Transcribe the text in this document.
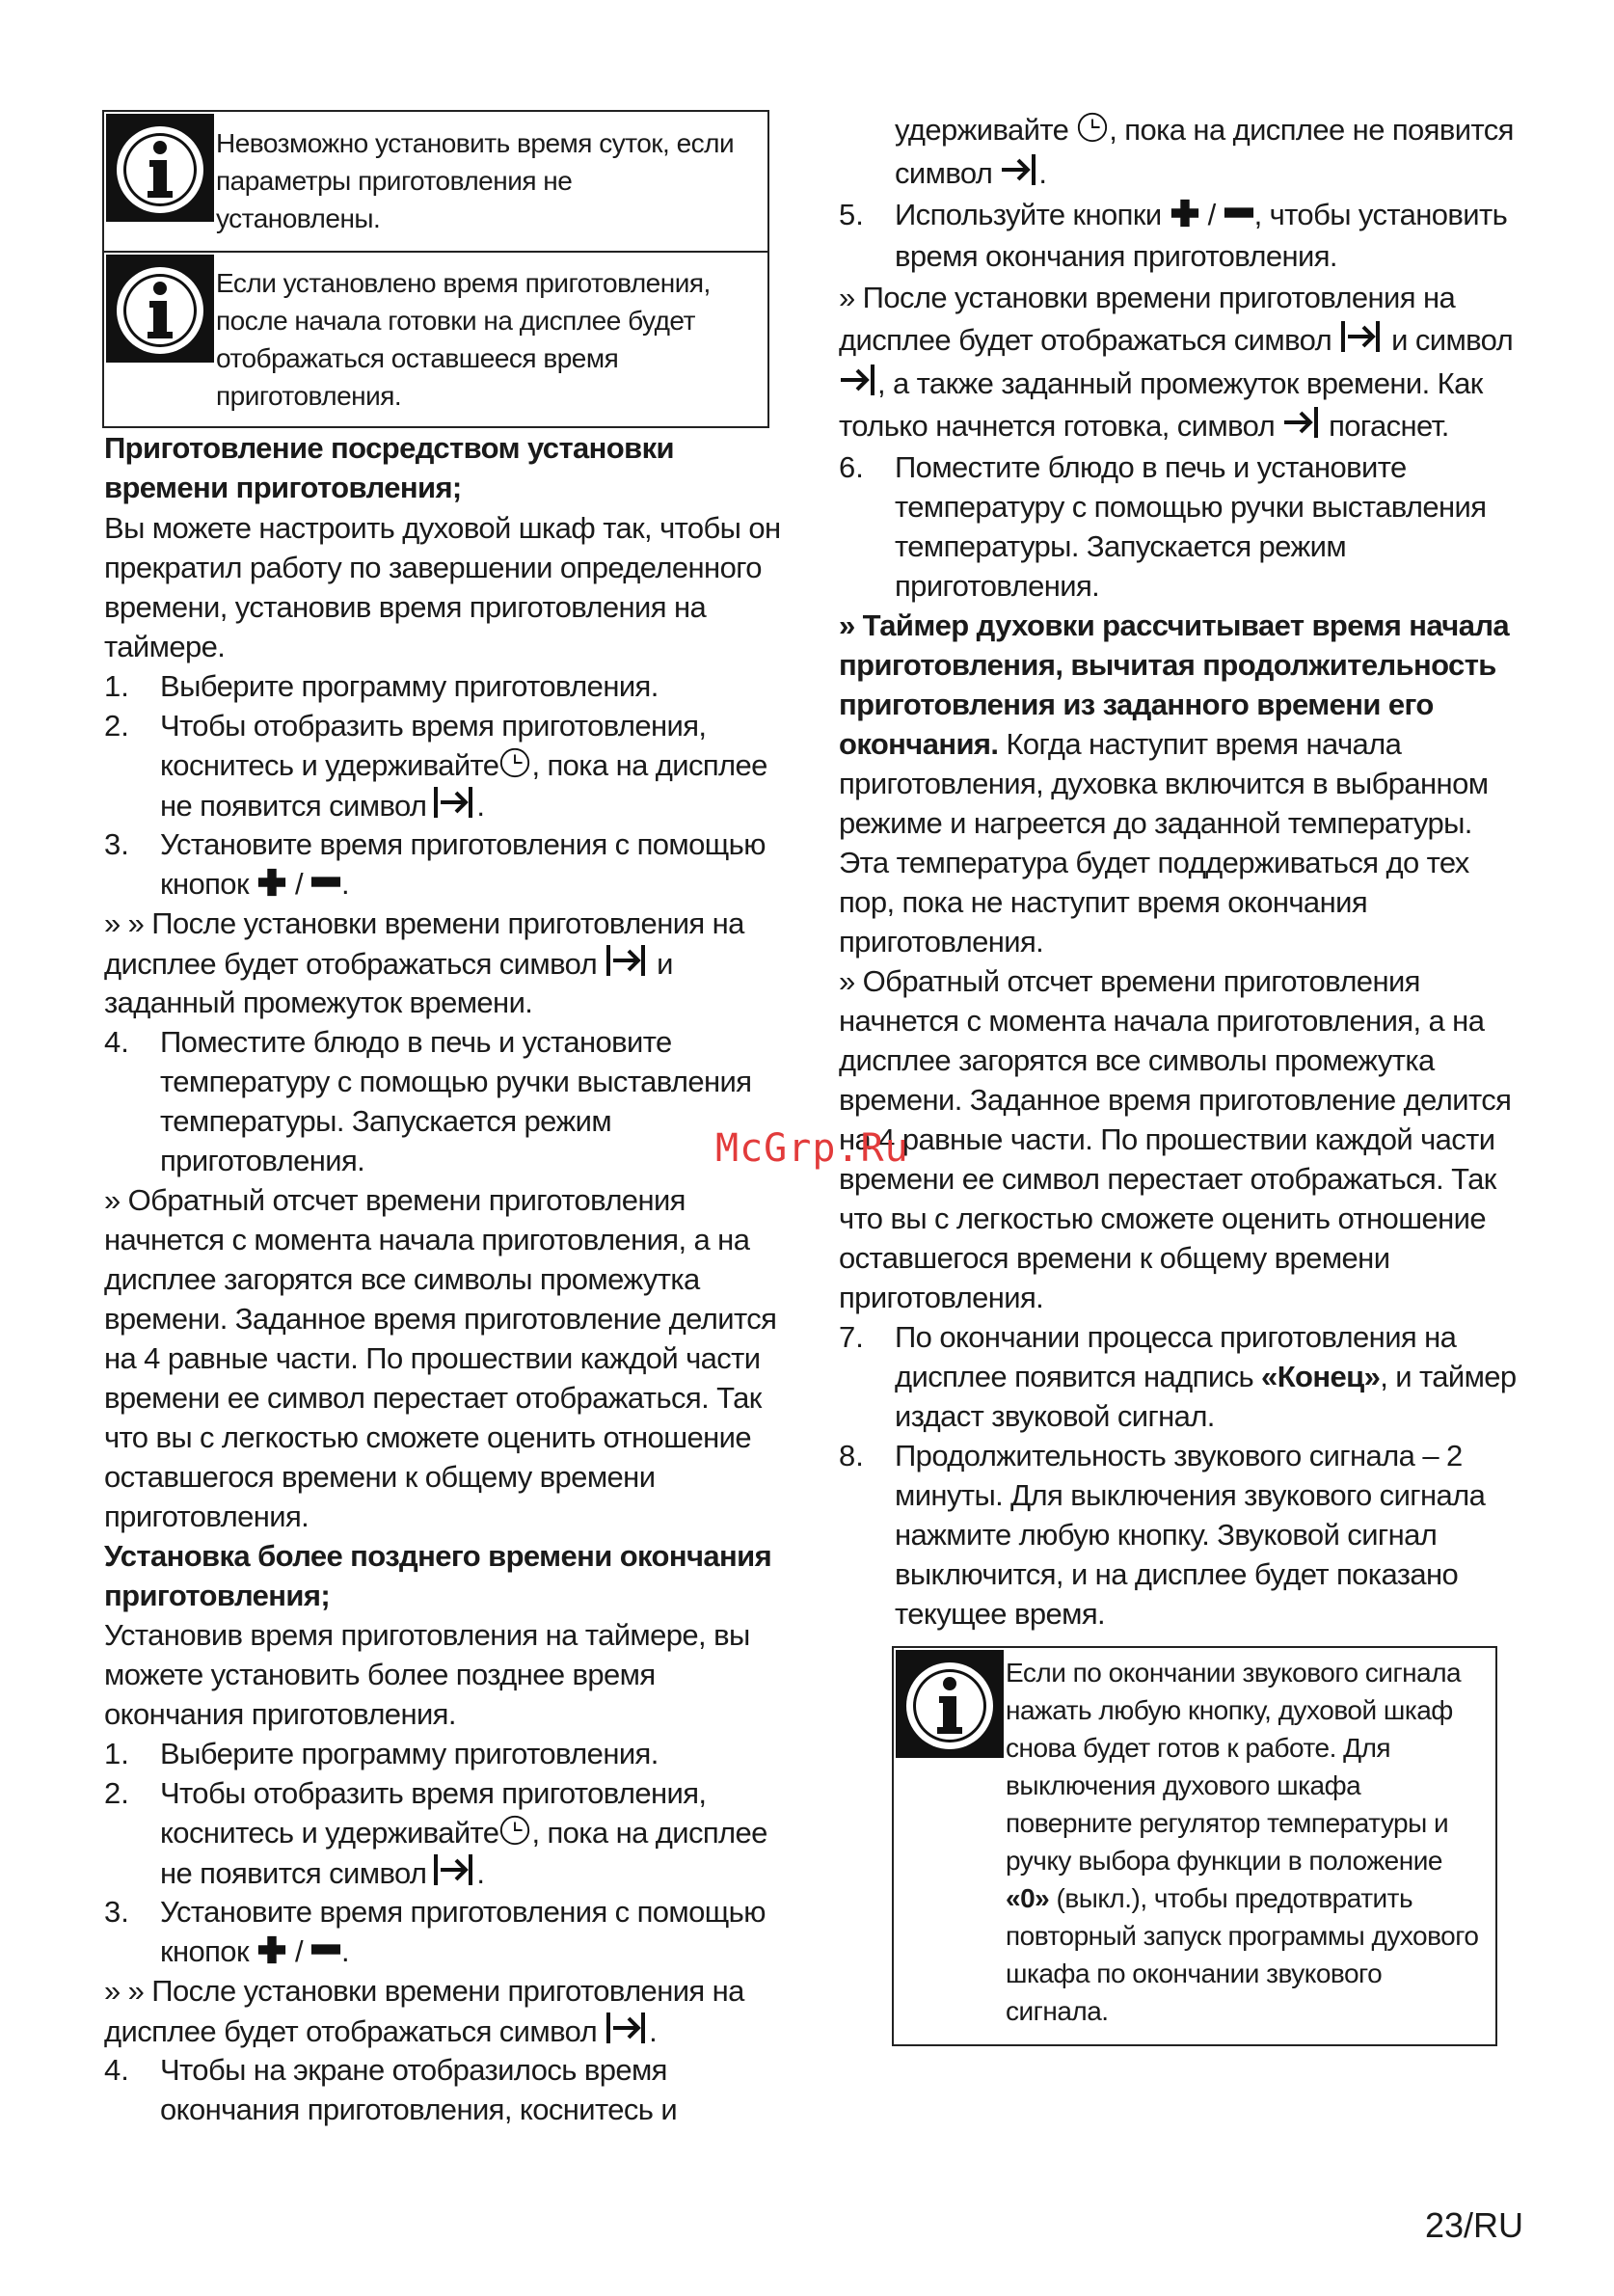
Невозможно установить время суток, если
параметры приготовления не
установлены.
Если установлено время приготовления,
после начала готовки на дисплее будет
отображаться оставшееся время
приготовления.
Приготовление посредством установки
времени приготовления;
Вы можете настроить духовой шкаф так, чтобы он
прекратил работу по завершении определенного
времени, установив время приготовления на
таймере.
1. Выберите программу приготовления.
2. Чтобы отобразить время приготовления,
коснитесь и удерживайте , пока на дисплее
не появится символ .
3. Установите время приготовления с помощью
кнопок / .
» » После установки времени приготовления на
дисплее будет отображаться символ и
заданный промежуток времени.
4. Поместите блюдо в печь и установите
температуру с помощью ручки выставления
температуры. Запускается режим
приготовления.
» Обратный отсчет времени приготовления
начнется с момента начала приготовления, а на
дисплее загорятся все символы промежутка
времени. Заданное время приготовление делится
на 4 равные части. По прошествии каждой части
времени ее символ перестает отображаться. Так
что вы с легкостью сможете оценить отношение
оставшегося времени к общему времени
приготовления.
Установка более позднего времени окончания
приготовления;
Установив время приготовления на таймере, вы
можете установить более позднее время
окончания приготовления.
1. Выберите программу приготовления.
2. Чтобы отобразить время приготовления,
коснитесь и удерживайте , пока на дисплее
не появится символ .
3. Установите время приготовления с помощью
кнопок / .
» » После установки времени приготовления на
дисплее будет отображаться символ .
4. Чтобы на экране отобразилось время
окончания приготовления, коснитесь и
удерживайте , пока на дисплее не появится
символ .
5. Используйте кнопки / , чтобы установить
время окончания приготовления.
» После установки времени приготовления на
дисплее будет отображаться символ и символ
, а также заданный промежуток времени. Как
только начнется готовка, символ погаснет.
6. Поместите блюдо в печь и установите
температуру с помощью ручки выставления
температуры. Запускается режим
приготовления.
» Таймер духовки рассчитывает время начала
приготовления, вычитая продолжительность
приготовления из заданного времени его
окончания. Когда наступит время начала
приготовления, духовка включится в выбранном
режиме и нагреется до заданной температуры.
Эта температура будет поддерживаться до тех
пор, пока не наступит время окончания
приготовления.
» Обратный отсчет времени приготовления
начнется с момента начала приготовления, а на
дисплее загорятся все символы промежутка
времени. Заданное время приготовление делится
на 4 равные части. По прошествии каждой части
времени ее символ перестает отображаться. Так
что вы с легкостью сможете оценить отношение
оставшегося времени к общему времени
приготовления.
7. По окончании процесса приготовления на
дисплее появится надпись «Конец», и таймер
издаст звуковой сигнал.
8. Продолжительность звукового сигнала – 2
минуты. Для выключения звукового сигнала
нажмите любую кнопку. Звуковой сигнал
выключится, и на дисплее будет показано
текущее время.
Если по окончании звукового сигнала
нажать любую кнопку, духовой шкаф
снова будет готов к работе. Для
выключения духового шкафа
поверните регулятор температуры и
ручку выбора функции в положение
«0» (выкл.), чтобы предотвратить
повторный запуск программы духового
шкафа по окончании звукового
сигнала.
McGrp.Ru
23/RU
